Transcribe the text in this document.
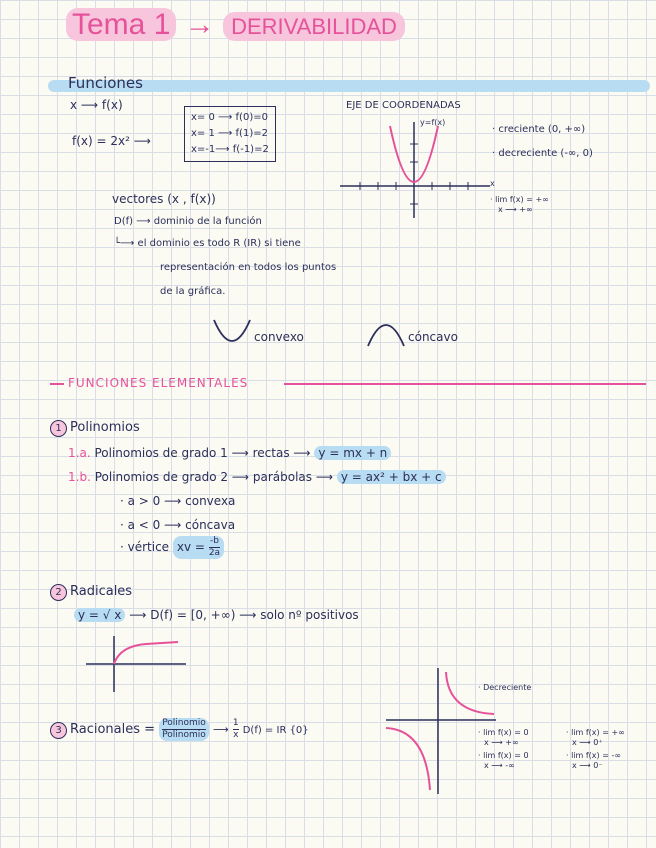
Tema 1 → DERIVABILIDAD
Funciones
x ⟶ f(x)
f(x) = 2x² ⟶
x= 0 ⟶ f(0)=0
x= 1 ⟶ f(1)=2
x=-1⟶ f(-1)=2
EJE DE COORDENADAS
y=f(x)
x
· creciente (0, +∞)
· decreciente (-∞, 0)
· lim f(x) = +∞
x ⟶ +∞
vectores (x , f(x))
D(f) ⟶ dominio de la función
└⟶ el dominio es todo R (IR) si tiene
representación en todos los puntos
de la gráfica.
convexo	cóncavo
FUNCIONES ELEMENTALES
1 Polinomios
1.a. Polinomios de grado 1 ⟶ rectas ⟶ y = mx + n
1.b. Polinomios de grado 2 ⟶ parábolas ⟶ y = ax² + bx + c
· a > 0 ⟶ convexa
· a < 0 ⟶ cóncava
· vértice xv = $\frac{-b}{2a}$
2 Radicales
y = √ x ⟶ D(f) = [0, +∞) ⟶ solo nº positivos
3 Racionales = $\frac{\text{Polinomio}}{\text{Polinomio}}$ ⟶ $\frac{1}{x} D(f)$ = IR {0}
· Decreciente
· lim f(x) = 0
x ⟶ +∞
· lim f(x) = 0
x ⟶ -∞
· lim f(x) = +∞
x ⟶ 0⁺
· lim f(x) = -∞
x ⟶ 0⁻
